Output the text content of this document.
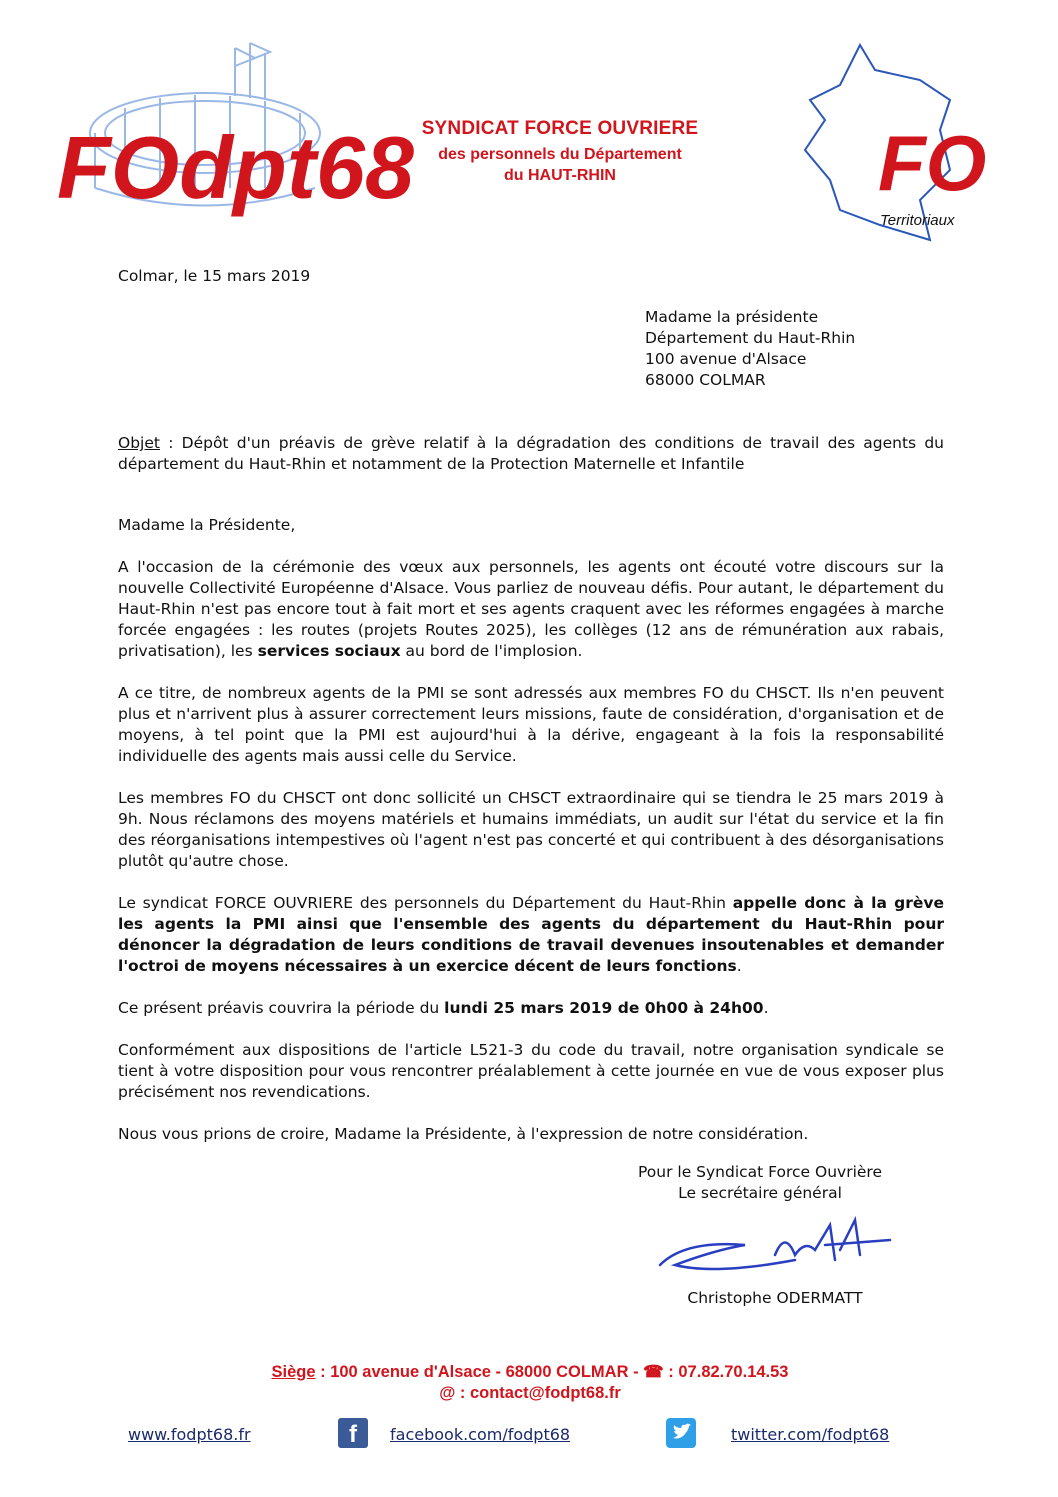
FOdpt68	FO
Territoriaux
SYNDICAT FORCE OUVRIERE
des personnels du Département
du HAUT-RHIN
Colmar, le 15 mars 2019
Madame la présidente
Département du Haut-Rhin
100 avenue d'Alsace
68000 COLMAR
Objet : Dépôt d'un préavis de grève relatif à la dégradation des conditions de travail des agents du département du Haut-Rhin et notamment de la Protection Maternelle et Infantile

Madame la Présidente,

A l'occasion de la cérémonie des vœux aux personnels, les agents ont écouté votre discours sur la nouvelle Collectivité Européenne d'Alsace. Vous parliez de nouveau défis. Pour autant, le département du Haut-Rhin n'est pas encore tout à fait mort et ses agents craquent avec les réformes engagées à marche forcée engagées : les routes (projets Routes 2025), les collèges (12 ans de rémunération aux rabais, privatisation), les services sociaux au bord de l'implosion.

A ce titre, de nombreux agents de la PMI se sont adressés aux membres FO du CHSCT. Ils n'en peuvent plus et n'arrivent plus à assurer correctement leurs missions, faute de considération, d'organisation et de moyens, à tel point que la PMI est aujourd'hui à la dérive, engageant à la fois la responsabilité individuelle des agents mais aussi celle du Service.

Les membres FO du CHSCT ont donc sollicité un CHSCT extraordinaire qui se tiendra le 25 mars 2019 à 9h. Nous réclamons des moyens matériels et humains immédiats, un audit sur l'état du service et la fin des réorganisations intempestives où l'agent n'est pas concerté et qui contribuent à des désorganisations plutôt qu'autre chose.

Le syndicat FORCE OUVRIERE des personnels du Département du Haut-Rhin appelle donc à la grève les agents la PMI ainsi que l'ensemble des agents du département du Haut-Rhin pour dénoncer la dégradation de leurs conditions de travail devenues insoutenables et demander l'octroi de moyens nécessaires à un exercice décent de leurs fonctions.

Ce présent préavis couvrira la période du lundi 25 mars 2019 de 0h00 à 24h00.

Conformément aux dispositions de l'article L521-3 du code du travail, notre organisation syndicale se tient à votre disposition pour vous rencontrer préalablement à cette journée en vue de vous exposer plus précisément nos revendications.

Nous vous prions de croire, Madame la Présidente, à l'expression de notre considération.

Pour le Syndicat Force Ouvrière
Le secrétaire général
Christophe ODERMATT
Siège : 100 avenue d'Alsace - 68000 COLMAR - ☎ : 07.82.70.14.53
@ : contact@fodpt68.fr
www.fodpt68.fr	f facebook.com/fodpt68	twitter.com/fodpt68
